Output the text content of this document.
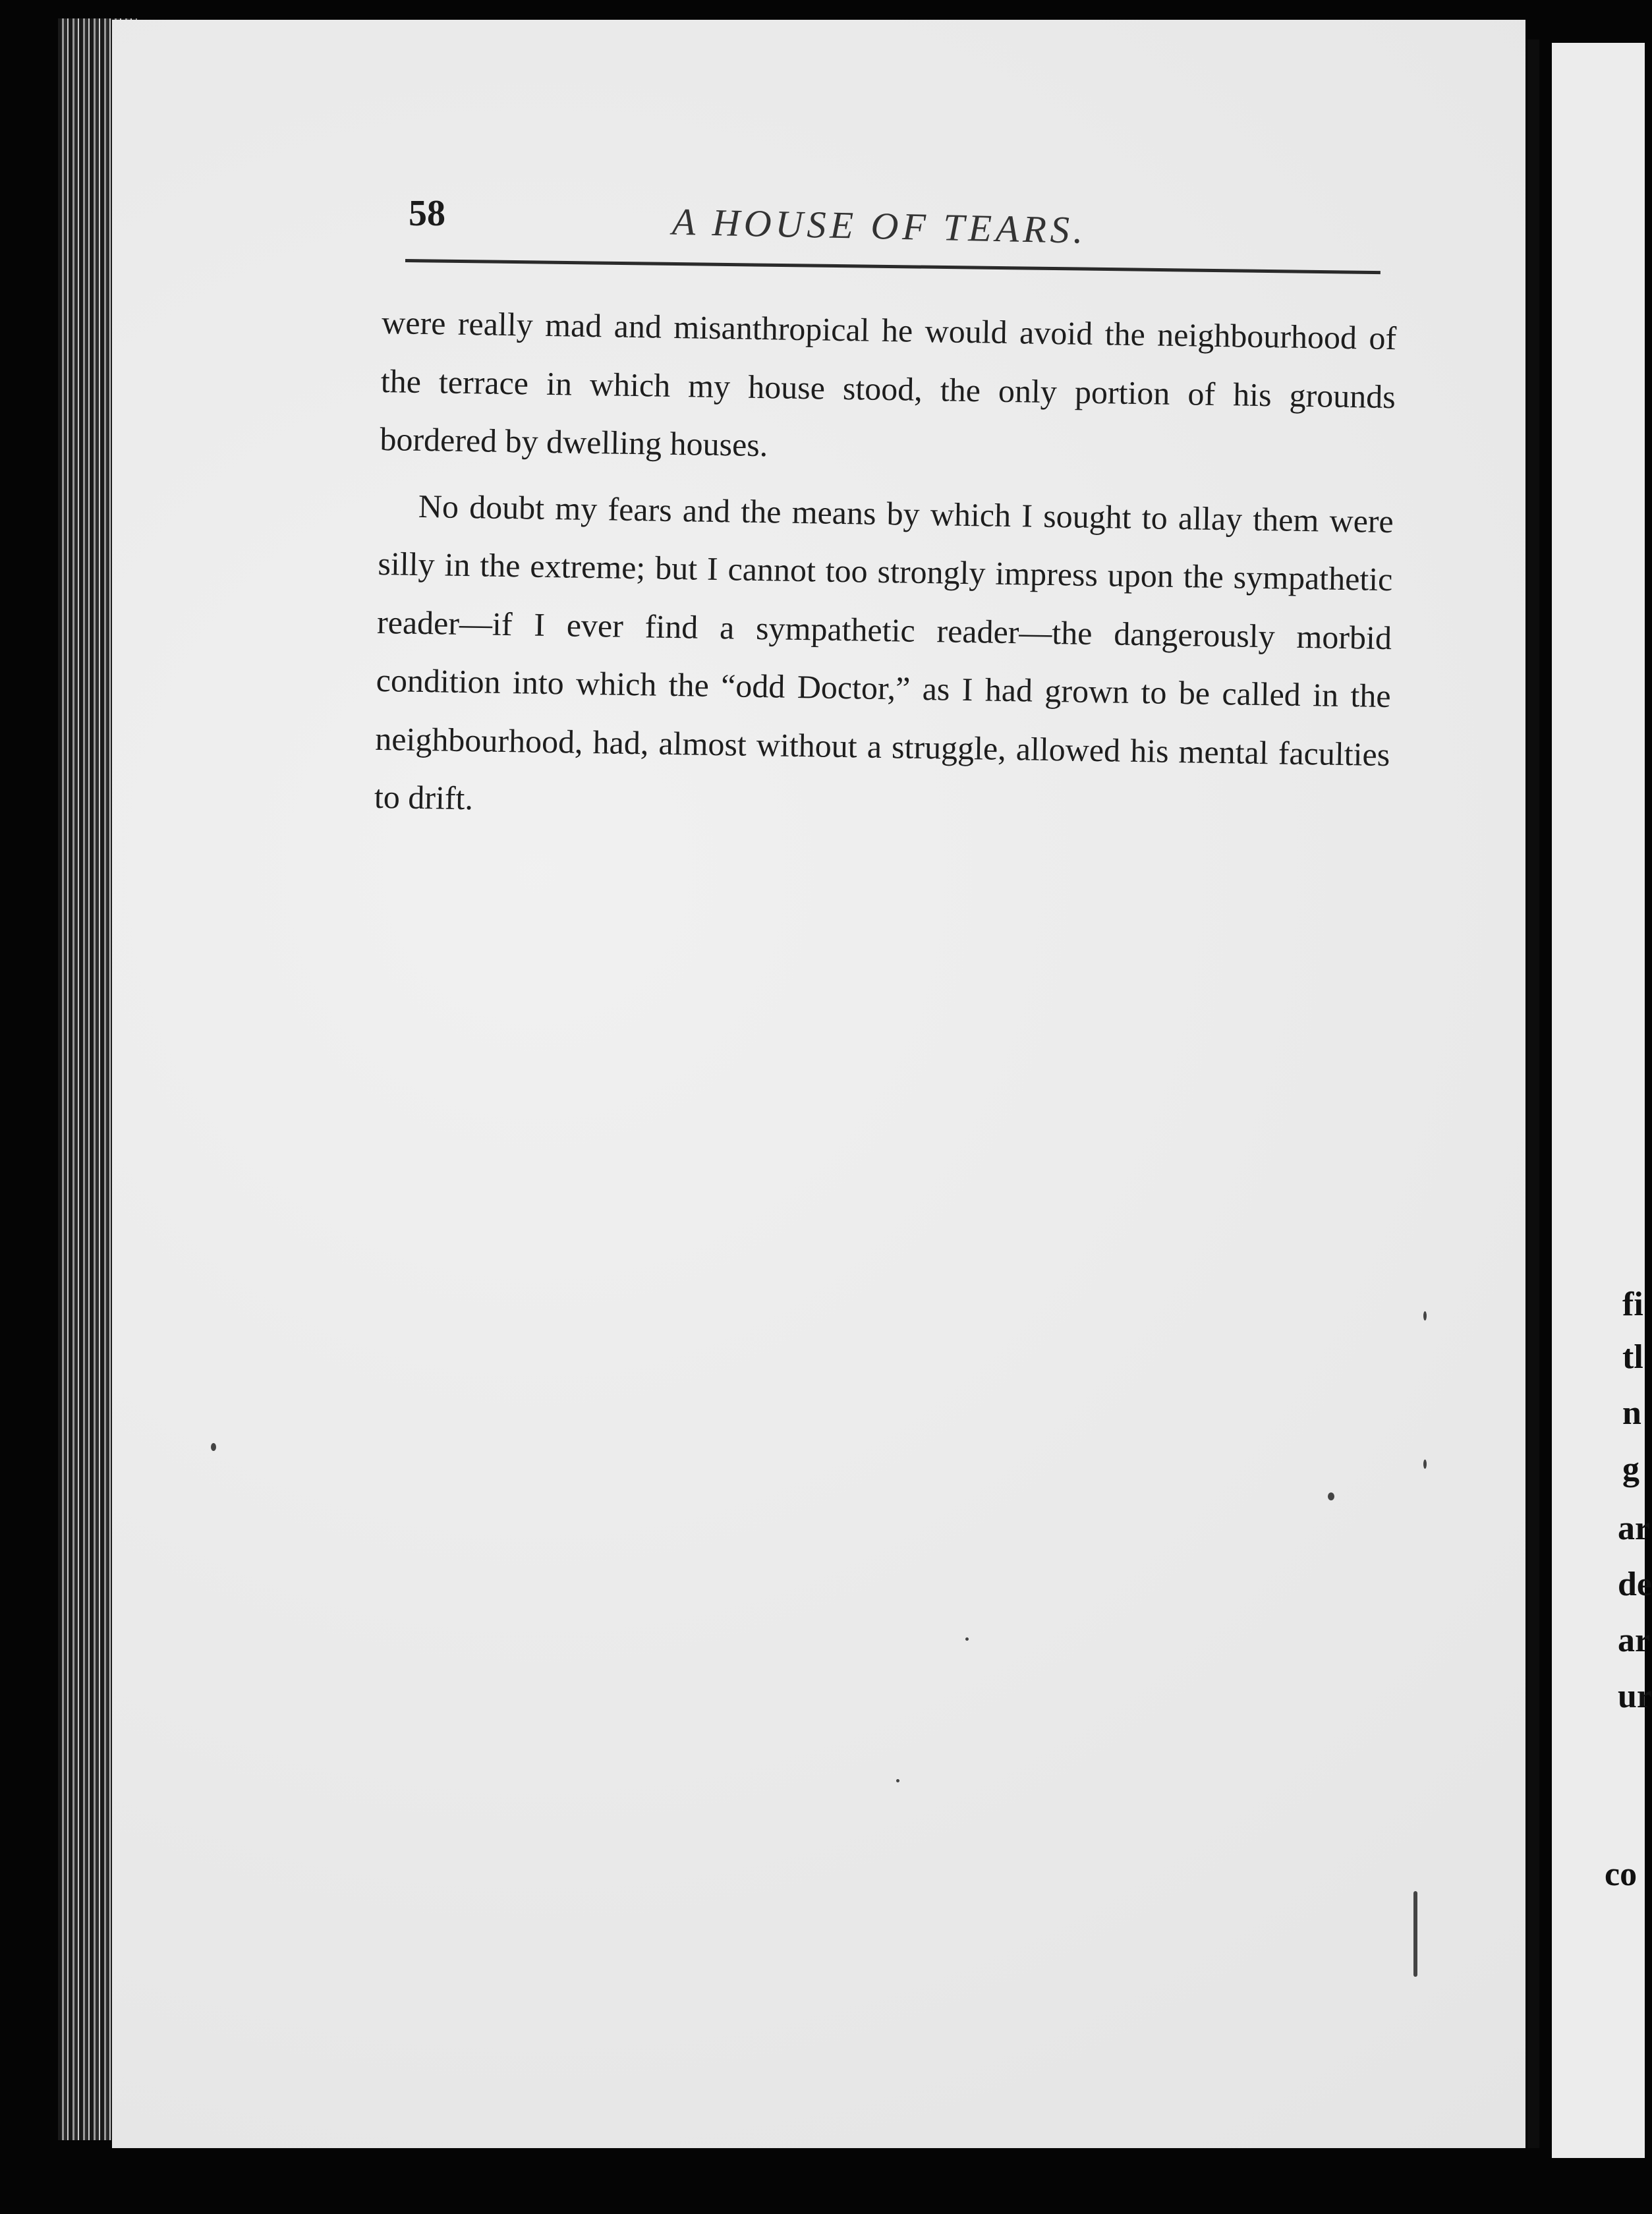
58	A HOUSE OF TEARS.

were really mad and misanthropical he would avoid the neighbourhood of the terrace in which my house stood, the only portion of his grounds bordered by dwelling houses.

No doubt my fears and the means by which I sought to allay them were silly in the extreme; but I cannot too strongly impress upon the sympathetic reader—if I ever find a sympathetic reader—the dangerously morbid condition into which the “odd Doctor,” as I had grown to be called in the neighbourhood, had, almost without a struggle, allowed his mental faculties to drift.

fi
tl
n
g
ar
de
ar
ur
co
